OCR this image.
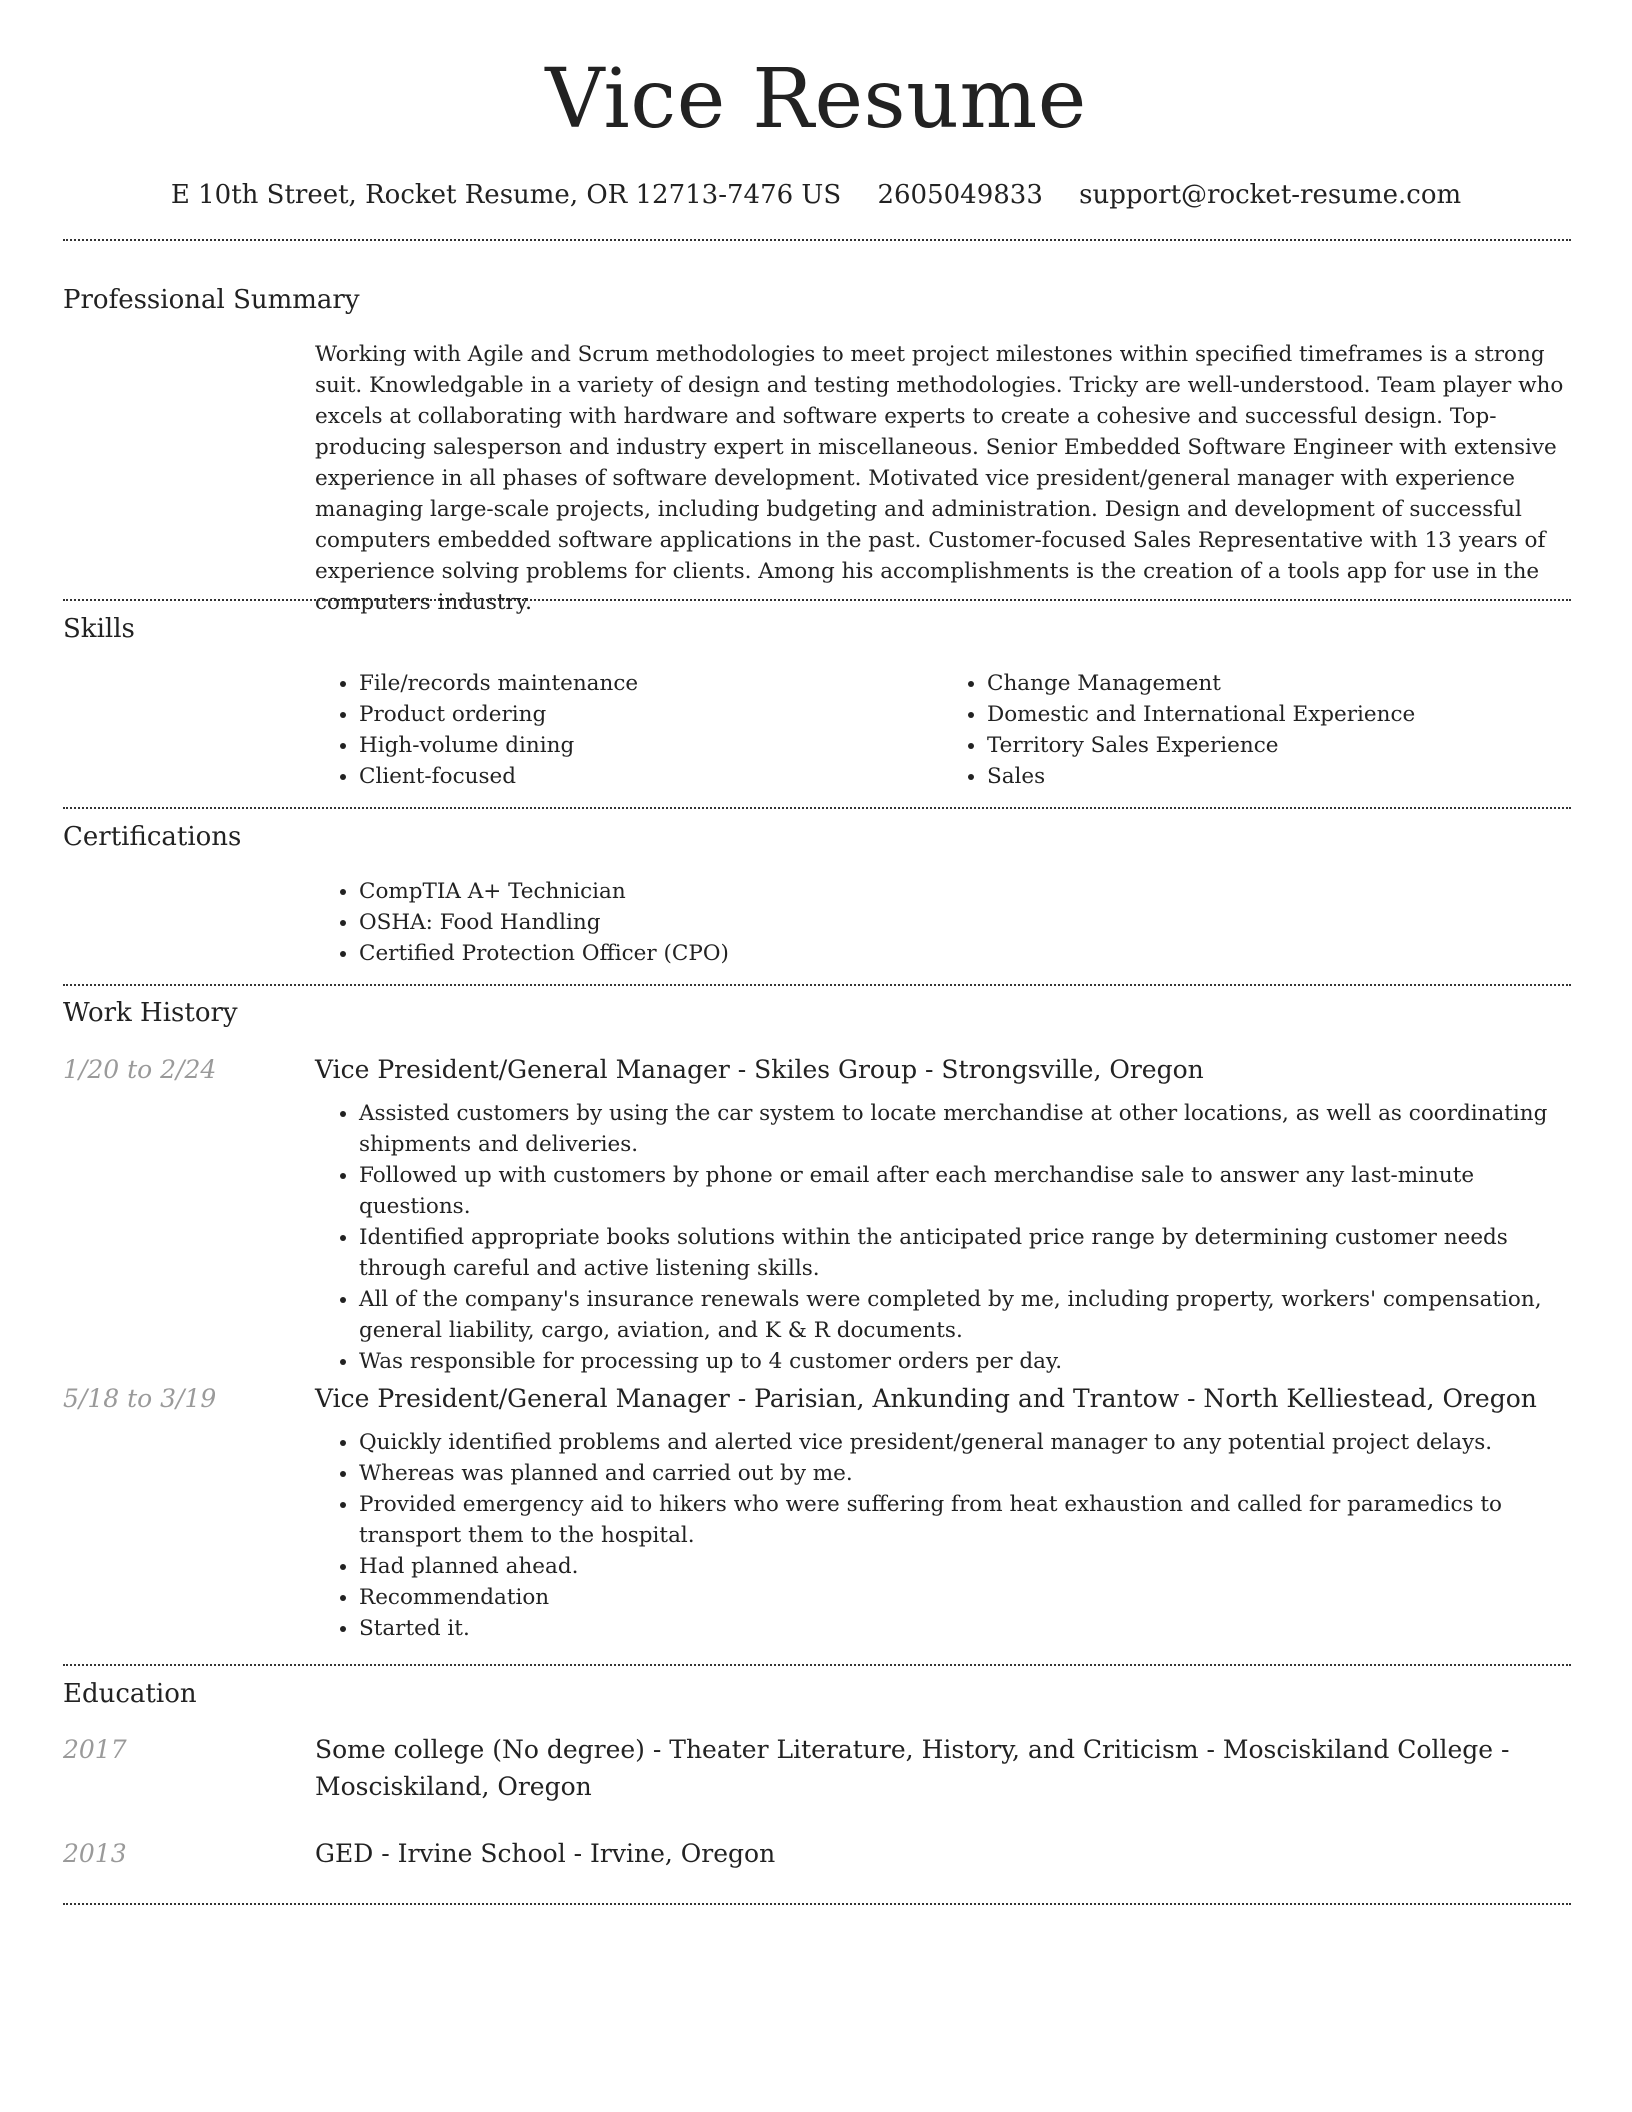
Vice Resume
E 10th Street, Rocket Resume, OR 12713-7476 US 2605049833 support@rocket-resume.com
Professional Summary

Working with Agile and Scrum methodologies to meet project milestones within specified timeframes is a strong suit. Knowledgable in a variety of design and testing methodologies. Tricky are well-understood. Team player who excels at collaborating with hardware and software experts to create a cohesive and successful design. Top-producing salesperson and industry expert in miscellaneous. Senior Embedded Software Engineer with extensive experience in all phases of software development. Motivated vice president/general manager with experience managing large-scale projects, including budgeting and administration. Design and development of successful computers embedded software applications in the past. Customer-focused Sales Representative with 13 years of experience solving problems for clients. Among his accomplishments is the creation of a tools app for use in the computers industry.

Skills
• File/records maintenance
• Product ordering
• High-volume dining
• Client-focused
• Change Management
• Domestic and International Experience
• Territory Sales Experience
• Sales
Certifications
• CompTIA A+ Technician
• OSHA: Food Handling
• Certified Protection Officer (CPO)
Work History
1/20 to 2/24	Vice President/General Manager - Skiles Group - Strongsville, Oregon
• Assisted customers by using the car system to locate merchandise at other locations, as well as coordinating shipments and deliveries.
• Followed up with customers by phone or email after each merchandise sale to answer any last-minute questions.
• Identified appropriate books solutions within the anticipated price range by determining customer needs through careful and active listening skills.
• All of the company's insurance renewals were completed by me, including property, workers' compensation, general liability, cargo, aviation, and K & R documents.
• Was responsible for processing up to 4 customer orders per day.
5/18 to 3/19	Vice President/General Manager - Parisian, Ankunding and Trantow - North Kelliestead, Oregon
• Quickly identified problems and alerted vice president/general manager to any potential project delays.
• Whereas was planned and carried out by me.
• Provided emergency aid to hikers who were suffering from heat exhaustion and called for paramedics to transport them to the hospital.
• Had planned ahead.
• Recommendation
• Started it.
Education
2017	Some college (No degree) - Theater Literature, History, and Criticism - Mosciskiland College - Mosciskiland, Oregon
2013	GED - Irvine School - Irvine, Oregon
